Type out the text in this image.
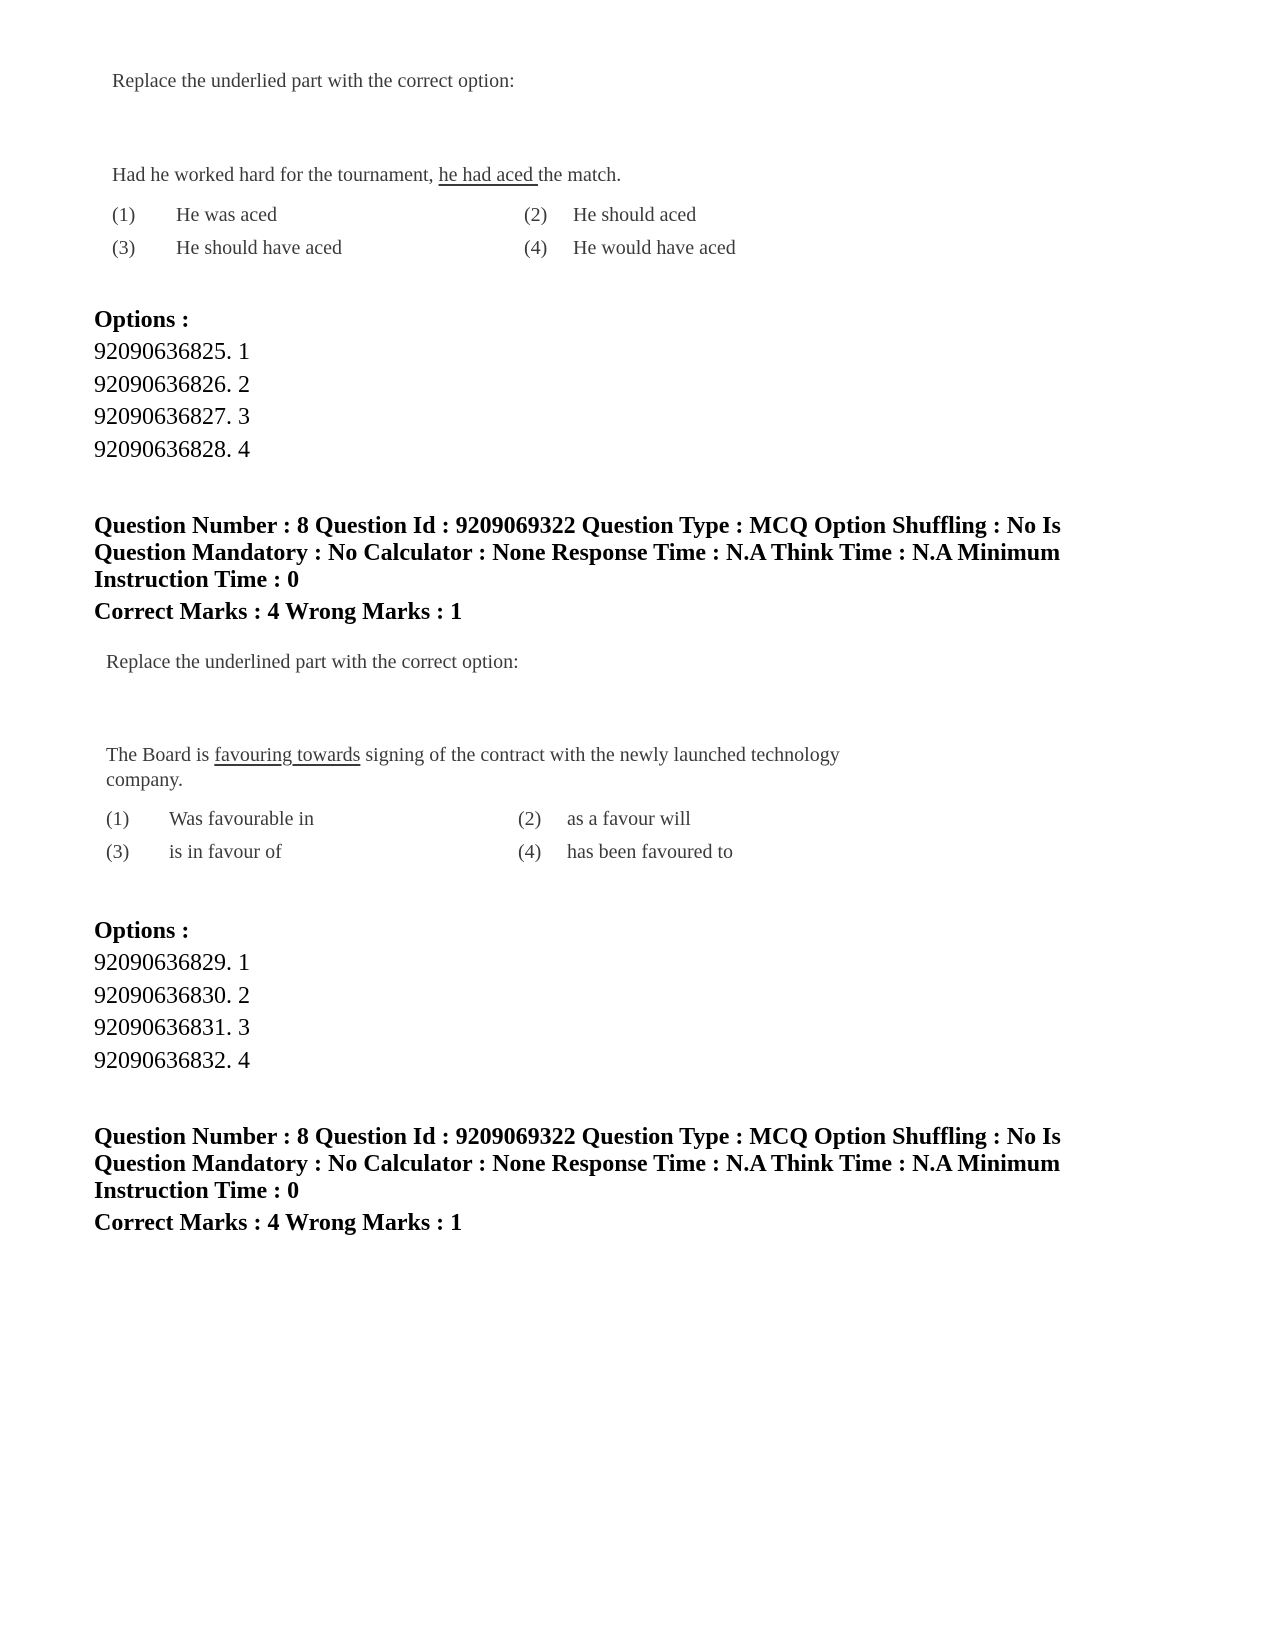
Replace the underlied part with the correct option:
Had he worked hard for the tournament, he had aced the match.
(1) He was aced	(2) He should aced
(3) He should have aced	(4) He would have aced
Options :
92090636825. 1
92090636826. 2
92090636827. 3
92090636828. 4
Question Number : 8 Question Id : 9209069322 Question Type : MCQ Option Shuffling : No Is
Question Mandatory : No Calculator : None Response Time : N.A Think Time : N.A Minimum
Instruction Time : 0
Correct Marks : 4 Wrong Marks : 1
Replace the underlined part with the correct option:
The Board is favouring towards signing of the contract with the newly launched technology
company.
(1) Was favourable in	(2) as a favour will
(3) is in favour of	(4) has been favoured to
Options :
92090636829. 1
92090636830. 2
92090636831. 3
92090636832. 4
Question Number : 8 Question Id : 9209069322 Question Type : MCQ Option Shuffling : No Is
Question Mandatory : No Calculator : None Response Time : N.A Think Time : N.A Minimum
Instruction Time : 0
Correct Marks : 4 Wrong Marks : 1
